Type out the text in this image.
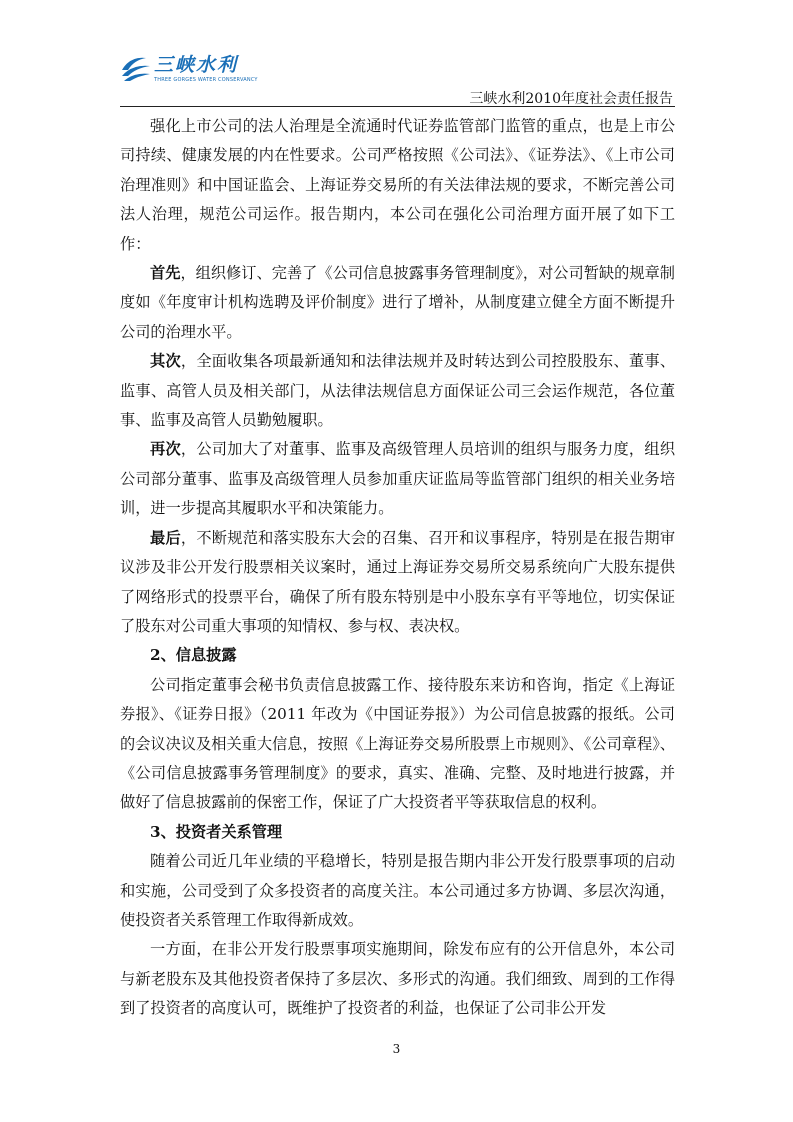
三峡水利
THREE GORGES WATER CONSERVANCY
三峡水利2010年度社会责任报告

强化上市公司的法人治理是全流通时代证券监管部门监管的重点，也是上市公司持续、健康发展的内在性要求。公司严格按照《公司法》、《证券法》、《上市公司治理准则》和中国证监会、上海证券交易所的有关法律法规的要求，不断完善公司法人治理，规范公司运作。报告期内，本公司在强化公司治理方面开展了如下工作：

首先，组织修订、完善了《公司信息披露事务管理制度》，对公司暂缺的规章制度如《年度审计机构选聘及评价制度》进行了增补，从制度建立健全方面不断提升公司的治理水平。

其次，全面收集各项最新通知和法律法规并及时转达到公司控股股东、董事、监事、高管人员及相关部门，从法律法规信息方面保证公司三会运作规范，各位董事、监事及高管人员勤勉履职。

再次，公司加大了对董事、监事及高级管理人员培训的组织与服务力度，组织公司部分董事、监事及高级管理人员参加重庆证监局等监管部门组织的相关业务培训，进一步提高其履职水平和决策能力。

最后，不断规范和落实股东大会的召集、召开和议事程序，特别是在报告期审议涉及非公开发行股票相关议案时，通过上海证券交易所交易系统向广大股东提供了网络形式的投票平台，确保了所有股东特别是中小股东享有平等地位，切实保证了股东对公司重大事项的知情权、参与权、表决权。

2、信息披露

公司指定董事会秘书负责信息披露工作、接待股东来访和咨询，指定《上海证券报》、《证券日报》（2011 年改为《中国证券报》）为公司信息披露的报纸。公司的会议决议及相关重大信息，按照《上海证券交易所股票上市规则》、《公司章程》、《公司信息披露事务管理制度》的要求，真实、准确、完整、及时地进行披露，并做好了信息披露前的保密工作，保证了广大投资者平等获取信息的权利。

3、投资者关系管理

随着公司近几年业绩的平稳增长，特别是报告期内非公开发行股票事项的启动和实施，公司受到了众多投资者的高度关注。本公司通过多方协调、多层次沟通，使投资者关系管理工作取得新成效。

一方面，在非公开发行股票事项实施期间，除发布应有的公开信息外，本公司与新老股东及其他投资者保持了多层次、多形式的沟通。我们细致、周到的工作得到了投资者的高度认可，既维护了投资者的利益，也保证了公司非公开发

3
